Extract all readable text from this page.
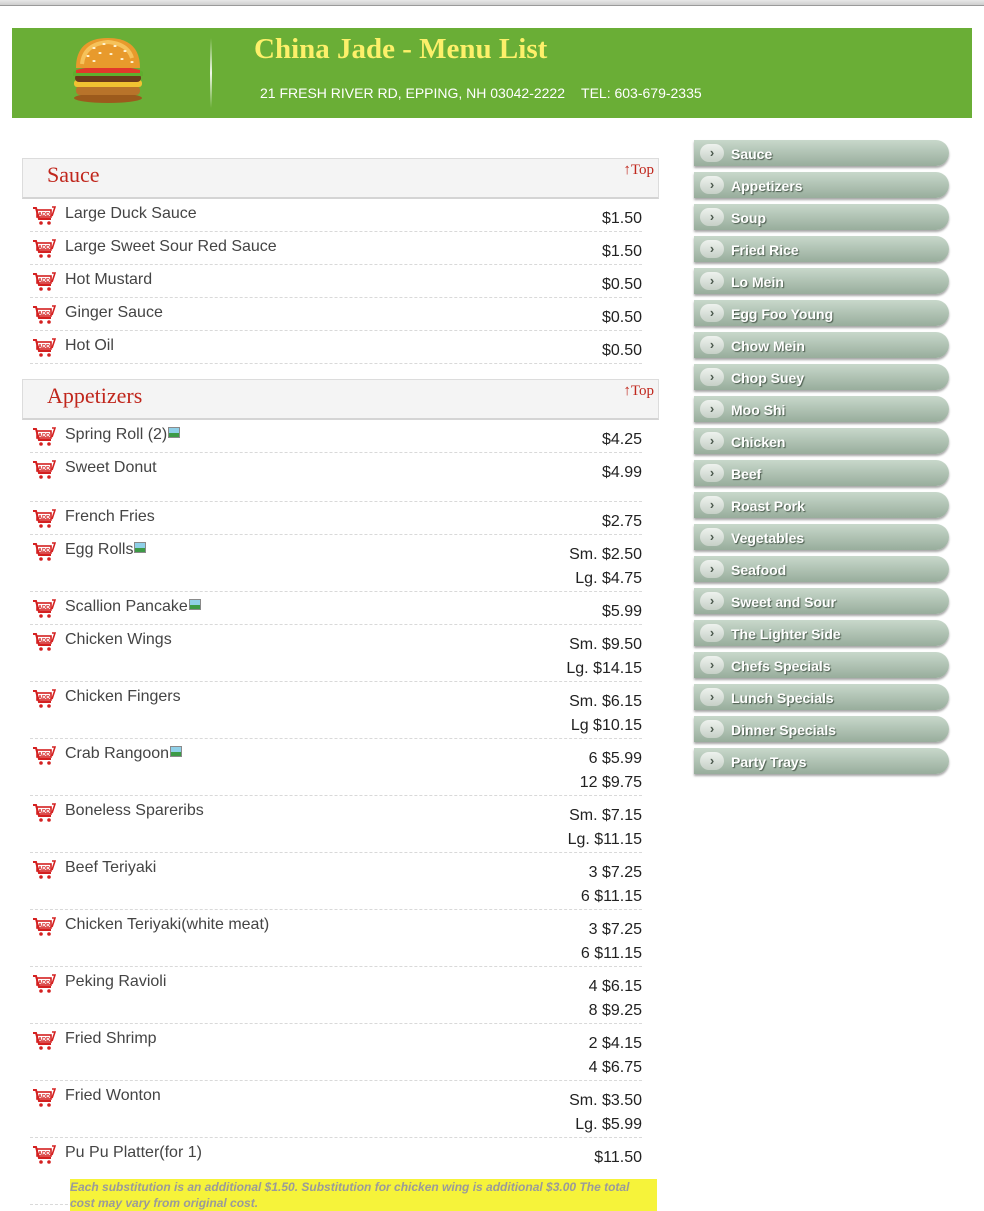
China Jade - Menu List
21 FRESH RIVER RD, EPPING, NH 03042-2222 TEL: 603-679-2335
Sauce	↑Top
ADD Large Duck Sauce	$1.50
ADD Large Sweet Sour Red Sauce	$1.50
ADD Hot Mustard	$0.50
ADD Ginger Sauce	$0.50
ADD Hot Oil	$0.50
Appetizers	↑Top
ADD Spring Roll (2)	$4.25
ADD Sweet Donut	$4.99
ADD French Fries	$2.75
ADD Egg Rolls	Sm. $2.50
Lg. $4.75
ADD Scallion Pancake	$5.99
ADD Chicken Wings	Sm. $9.50
Lg. $14.15
ADD Chicken Fingers	Sm. $6.15
Lg $10.15
ADD Crab Rangoon	6 $5.99
12 $9.75
ADD Boneless Spareribs	Sm. $7.15
Lg. $11.15
ADD Beef Teriyaki	3 $7.25
6 $11.15
ADD Chicken Teriyaki(white meat)	3 $7.25
6 $11.15
ADD Peking Ravioli	4 $6.15
8 $9.25
ADD Fried Shrimp	2 $4.15
4 $6.75
ADD Fried Wonton	Sm. $3.50
Lg. $5.99
ADD Pu Pu Platter(for 1)	$11.50
Each substitution is an additional $1.50. Substitution for chicken wing is additional $3.00 The total cost may vary from original cost.
›	Sauce
›	Appetizers
›	Soup
›	Fried Rice
›	Lo Mein
›	Egg Foo Young
›	Chow Mein
›	Chop Suey
›	Moo Shi
›	Chicken
›	Beef
›	Roast Pork
›	Vegetables
›	Seafood
›	Sweet and Sour
›	The Lighter Side
›	Chefs Specials
›	Lunch Specials
›	Dinner Specials
›	Party Trays
